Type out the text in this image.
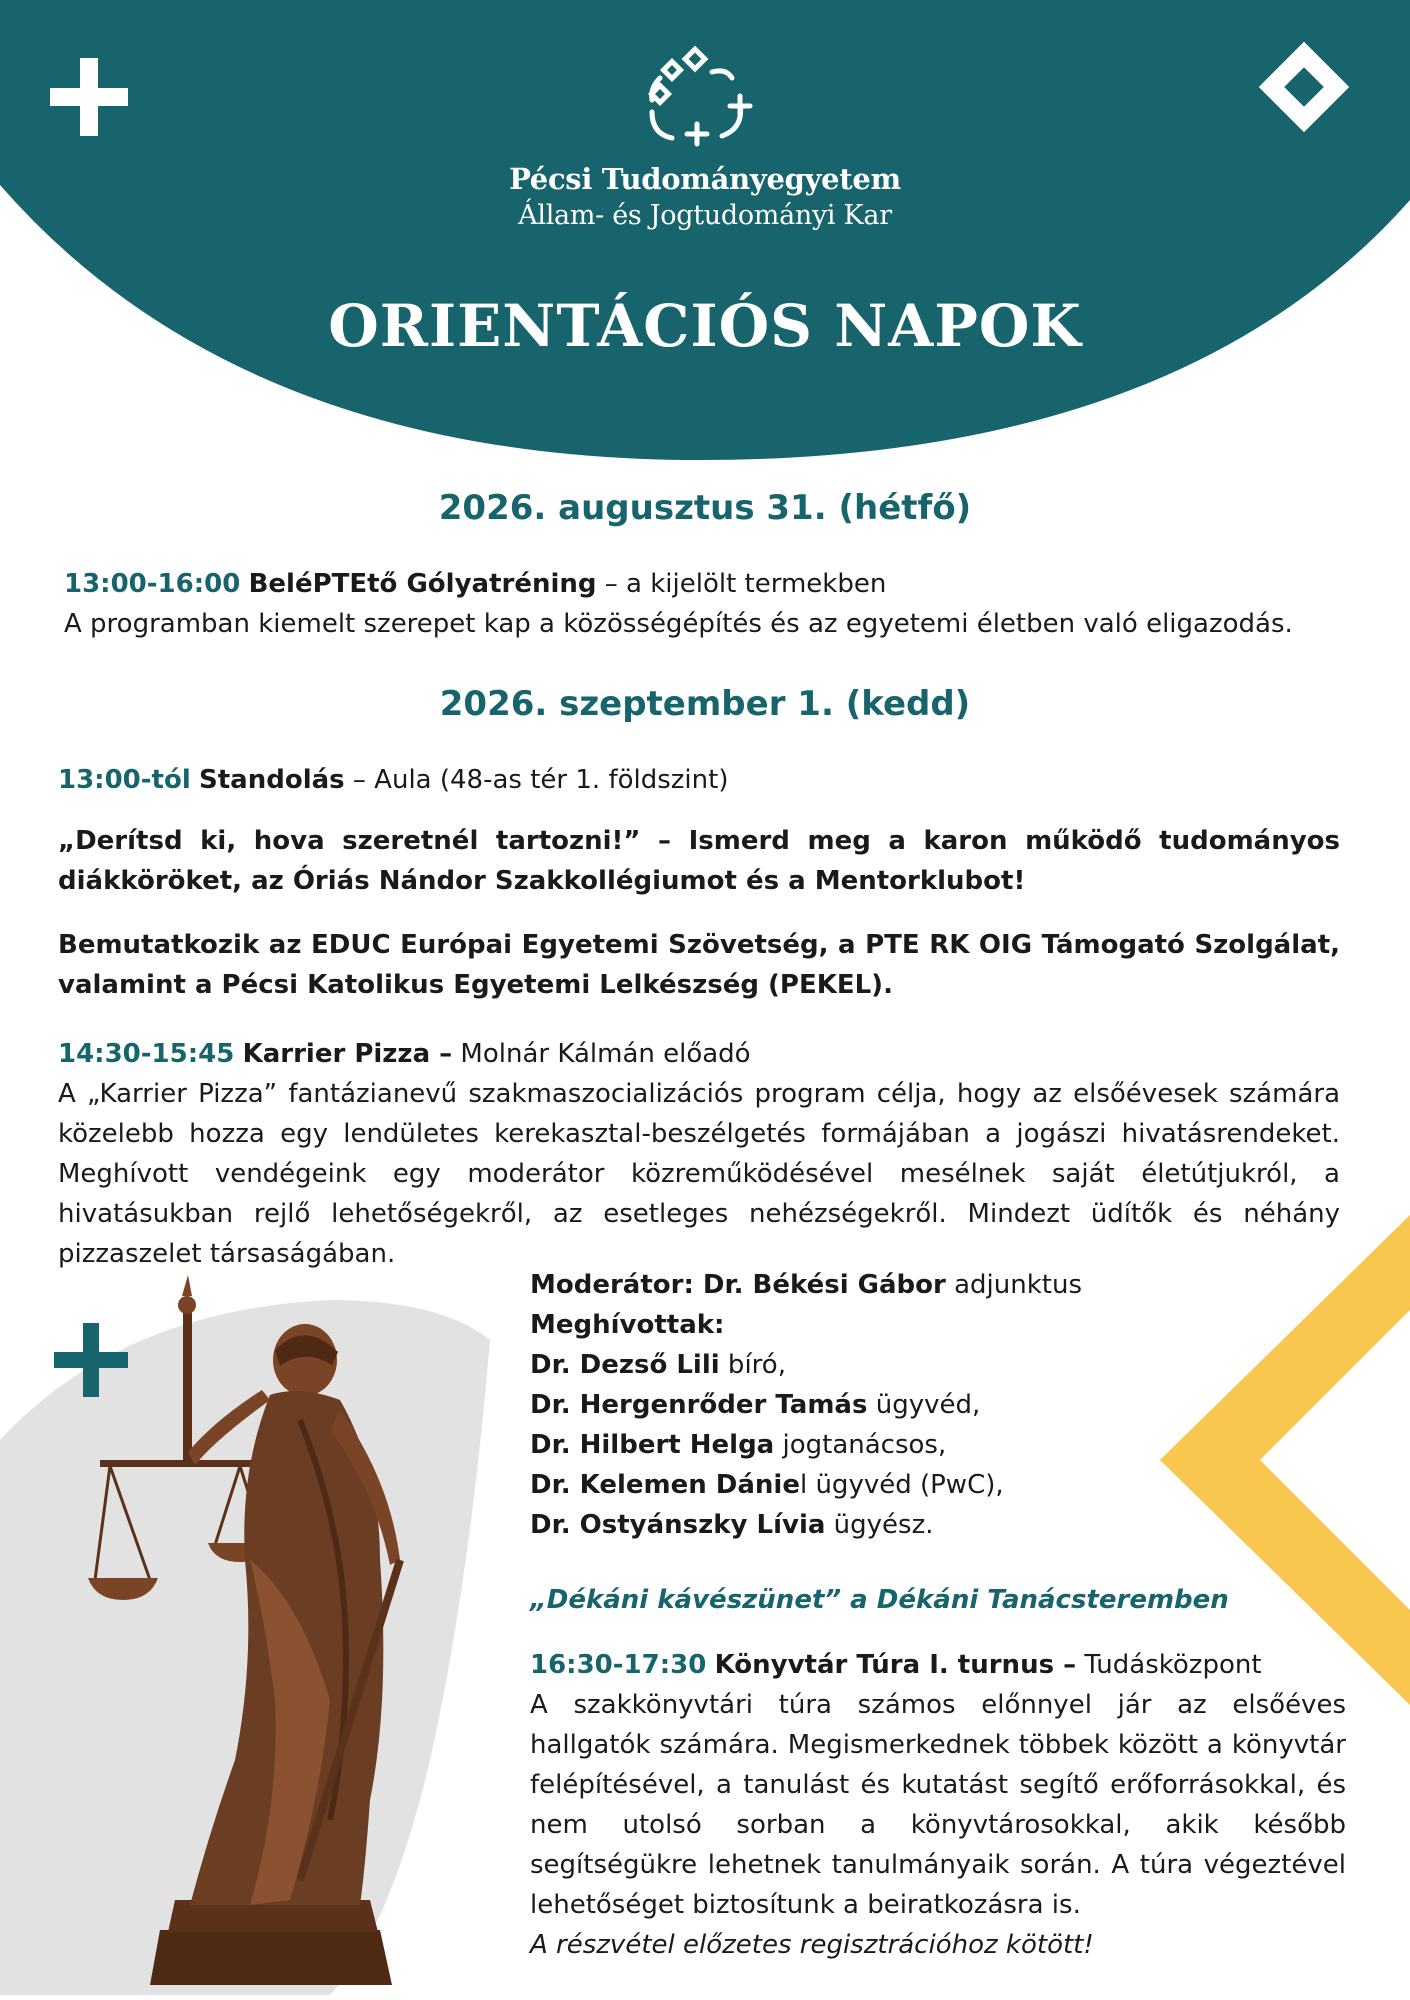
Pécsi Tudományegyetem
Állam- és Jogtudományi Kar
ORIENTÁCIÓS NAPOK
2026. augusztus 31. (hétfő)
13:00-16:00 BeléPTEtő Gólyatréning – a kijelölt termekben
A programban kiemelt szerepet kap a közösségépítés és az egyetemi életben való eligazodás.
2026. szeptember 1. (kedd)
13:00-tól Standolás – Aula (48-as tér 1. földszint)
„Derítsd ki, hova szeretnél tartozni!” – Ismerd meg a karon működő tudományos diákköröket, az Óriás Nándor Szakkollégiumot és a Mentorklubot!
Bemutatkozik az EDUC Európai Egyetemi Szövetség, a PTE RK OIG Támogató Szolgálat, valamint a Pécsi Katolikus Egyetemi Lelkészség (PEKEL).
14:30-15:45 Karrier Pizza – Molnár Kálmán előadó
A „Karrier Pizza” fantázianevű szakmaszocializációs program célja, hogy az elsőévesek számára közelebb hozza egy lendületes kerekasztal-beszélgetés formájában a jogászi hivatásrendeket. Meghívott vendégeink egy moderátor közreműködésével mesélnek saját életútjukról, a hivatásukban rejlő lehetőségekről, az esetleges nehézségekről. Mindezt üdítők és néhány pizzaszelet társaságában.
Moderátor: Dr. Békési Gábor adjunktus
Meghívottak:
Dr. Dezső Lili bíró,
Dr. Hergenrőder Tamás ügyvéd,
Dr. Hilbert Helga jogtanácsos,
Dr. Kelemen Dániel ügyvéd (PwC),
Dr. Ostyánszky Lívia ügyész.
„Dékáni kávészünet” a Dékáni Tanácsteremben
16:30-17:30 Könyvtár Túra I. turnus – Tudásközpont
A szakkönyvtári túra számos előnnyel jár az elsőéves hallgatók számára. Megismerkednek többek között a könyvtár felépítésével, a tanulást és kutatást segítő erőforrásokkal, és nem utolsó sorban a könyvtárosokkal, akik később segítségükre lehetnek tanulmányaik során. A túra végeztével lehetőséget biztosítunk a beiratkozásra is.
A részvétel előzetes regisztrációhoz kötött!
